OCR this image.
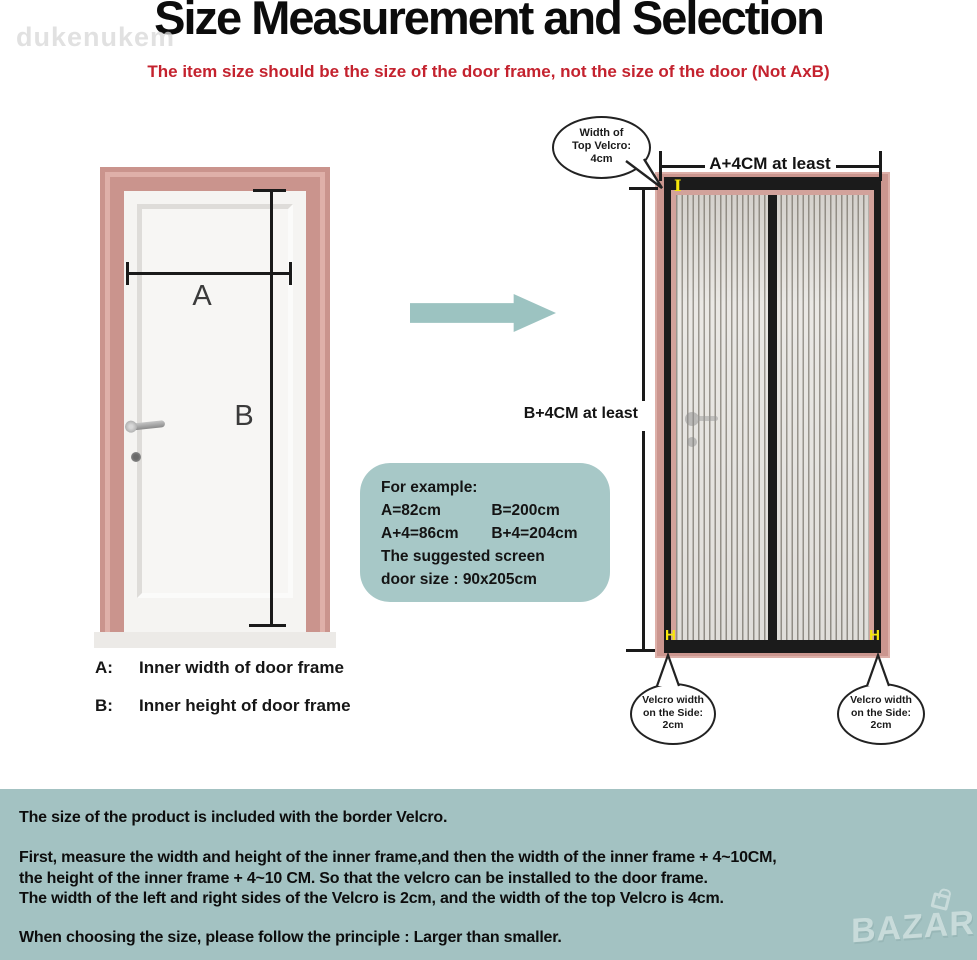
dukenukem
Size Measurement and Selection
The item size should be the size of the door frame, not the size of the door (Not AxB)
A
B
For example:
A=82cm	B=200cm
A+4=86cm B+4=204cm
The suggested screen
door size : 90x205cm
A: Inner width of door frame
B: Inner height of door frame
I
H	H
A+4CM at least
B+4CM at least
Width of
Top Velcro:
4cm
Velcro width
on the Side:
2cm
Velcro width
on the Side:
2cm
The size of the product is included with the border Velcro.
First, measure the width and height of the inner frame,and then the width of the inner frame + 4~10CM,
the height of the inner frame + 4~10 CM. So that the velcro can be installed to the door frame.
The width of the left and right sides of the Velcro is 2cm, and the width of the top Velcro is 4cm.
When choosing the size, please follow the principle : Larger than smaller.	BAZAR
